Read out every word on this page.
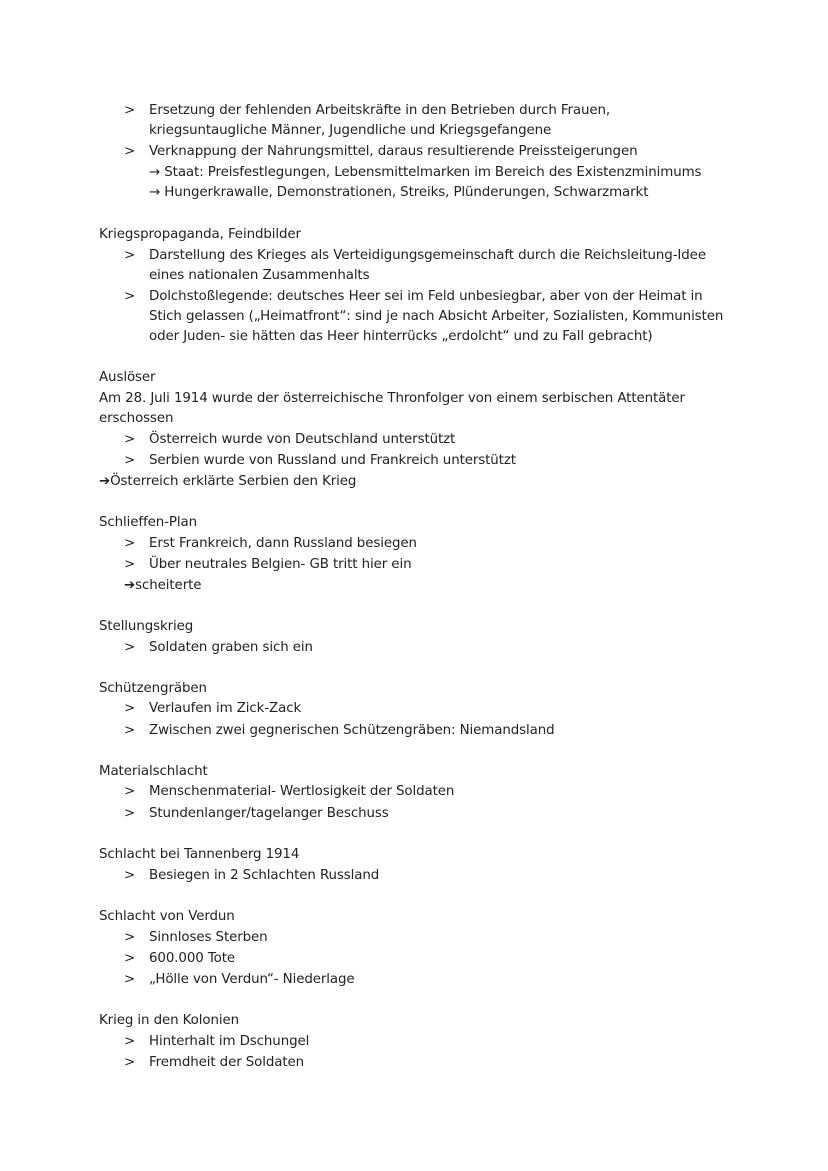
> Ersetzung der fehlenden Arbeitskräfte in den Betrieben durch Frauen,
kriegsuntaugliche Männer, Jugendliche und Kriegsgefangene
> Verknappung der Nahrungsmittel, daraus resultierende Preissteigerungen
→ Staat: Preisfestlegungen, Lebensmittelmarken im Bereich des Existenzminimums
→ Hungerkrawalle, Demonstrationen, Streiks, Plünderungen, Schwarzmarkt
Kriegspropaganda, Feindbilder
> Darstellung des Krieges als Verteidigungsgemeinschaft durch die Reichsleitung-Idee
eines nationalen Zusammenhalts
> Dolchstoßlegende: deutsches Heer sei im Feld unbesiegbar, aber von der Heimat in
Stich gelassen („Heimatfront“: sind je nach Absicht Arbeiter, Sozialisten, Kommunisten
oder Juden- sie hätten das Heer hinterrücks „erdolcht“ und zu Fall gebracht)
Auslöser
Am 28. Juli 1914 wurde der österreichische Thronfolger von einem serbischen Attentäter
erschossen
> Österreich wurde von Deutschland unterstützt
> Serbien wurde von Russland und Frankreich unterstützt
➔Österreich erklärte Serbien den Krieg
Schlieffen-Plan
> Erst Frankreich, dann Russland besiegen
> Über neutrales Belgien- GB tritt hier ein
➔scheiterte
Stellungskrieg
> Soldaten graben sich ein
Schützengräben
> Verlaufen im Zick-Zack
> Zwischen zwei gegnerischen Schützengräben: Niemandsland
Materialschlacht
> Menschenmaterial- Wertlosigkeit der Soldaten
> Stundenlanger/tagelanger Beschuss
Schlacht bei Tannenberg 1914
> Besiegen in 2 Schlachten Russland
Schlacht von Verdun
> Sinnloses Sterben
> 600.000 Tote
> „Hölle von Verdun“- Niederlage
Krieg in den Kolonien
> Hinterhalt im Dschungel
> Fremdheit der Soldaten
